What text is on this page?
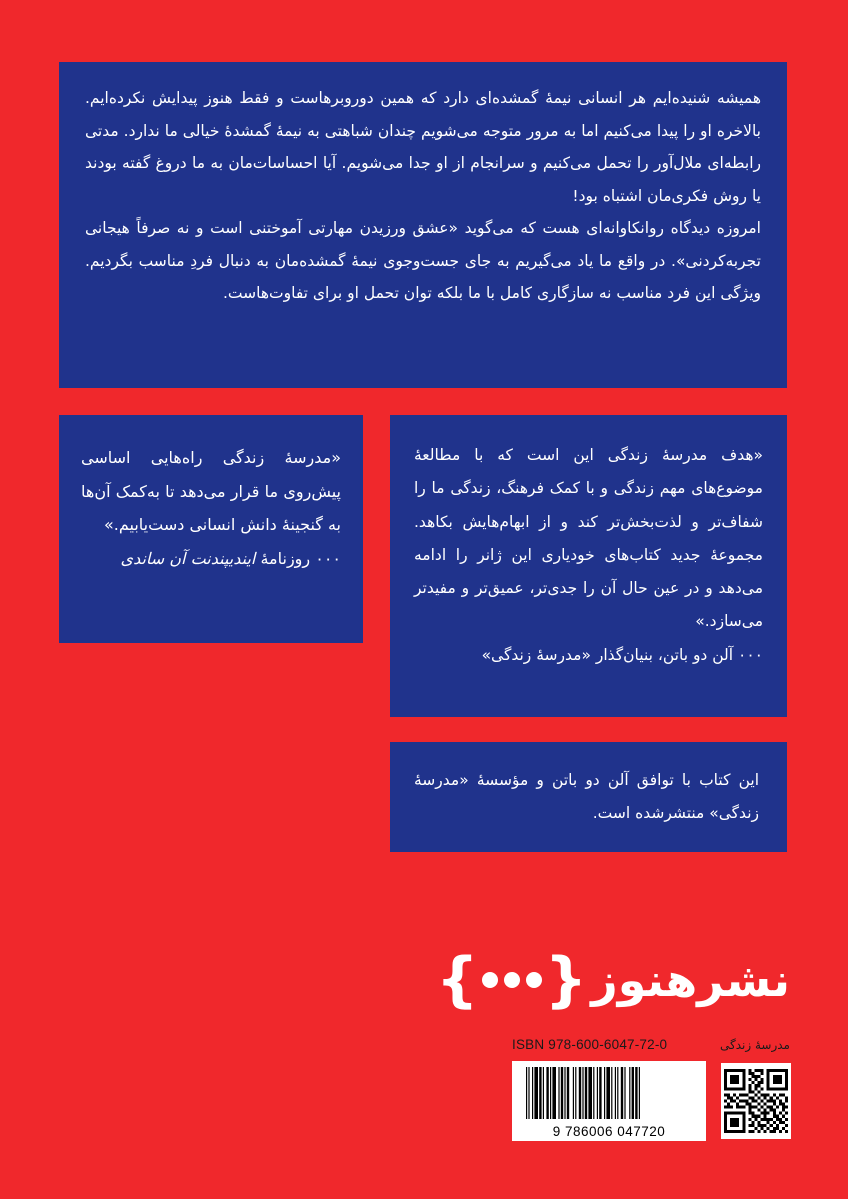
همیشه شنیده‌ایم هر انسانی نیمهٔ گمشده‌ای دارد که همین دوروبرهاست و فقط هنوز پیدایش نکرده‌ایم. بالاخره او را پیدا می‌کنیم اما به مرور متوجه می‌شویم چندان شباهتی به نیمهٔ گمشدهٔ خیالی ما ندارد. مدتی رابطه‌ای ملال‌آور را تحمل می‌کنیم و سرانجام از او جدا می‌شویم. آیا احساسات‌مان به ما دروغ گفته بودند یا روش فکری‌مان اشتباه بود!

امروزه دیدگاه روانکاوانه‌ای هست که می‌گوید «عشق ورزیدن مهارتی آموختنی است و نه صرفاً هیجانی تجربه‌کردنی». در واقع ما یاد می‌گیریم به جای جست‌وجوی نیمهٔ گمشده‌مان به دنبال فردِ مناسب بگردیم. ویژگی این فرد مناسب نه سازگاری کامل با ما بلکه توان تحمل او برای تفاوت‌هاست.

«مدرسهٔ زندگی راه‌هایی اساسی پیش‌روی ما قرار می‌دهد تا به‌کمک آن‌ها به گنجینهٔ دانش انسانی دست‌یابیم.»

۰۰۰ روزنامهٔ ایندیپندنت آن ساندی

«هدف مدرسهٔ زندگی این است که با مطالعهٔ موضوع‌های مهم زندگی و با کمک فرهنگ، زندگی ما را شفاف‌تر و لذت‌بخش‌تر کند و از ابهام‌هایش بکاهد. مجموعهٔ جدید کتاب‌های خودیاری این ژانر را ادامه می‌دهد و در عین حال آن را جدی‌تر، عمیق‌تر و مفیدتر می‌سازد.»

۰۰۰ آلن دو باتن، بنیان‌گذار «مدرسهٔ زندگی»

این کتاب با توافق آلن دو باتن و مؤسسهٔ «مدرسهٔ زندگی» منتشرشده است.

نشرهنوز
{ }
مدرسهٔ زندگی
ISBN 978-600-6047-72-0
9 786006 047720
